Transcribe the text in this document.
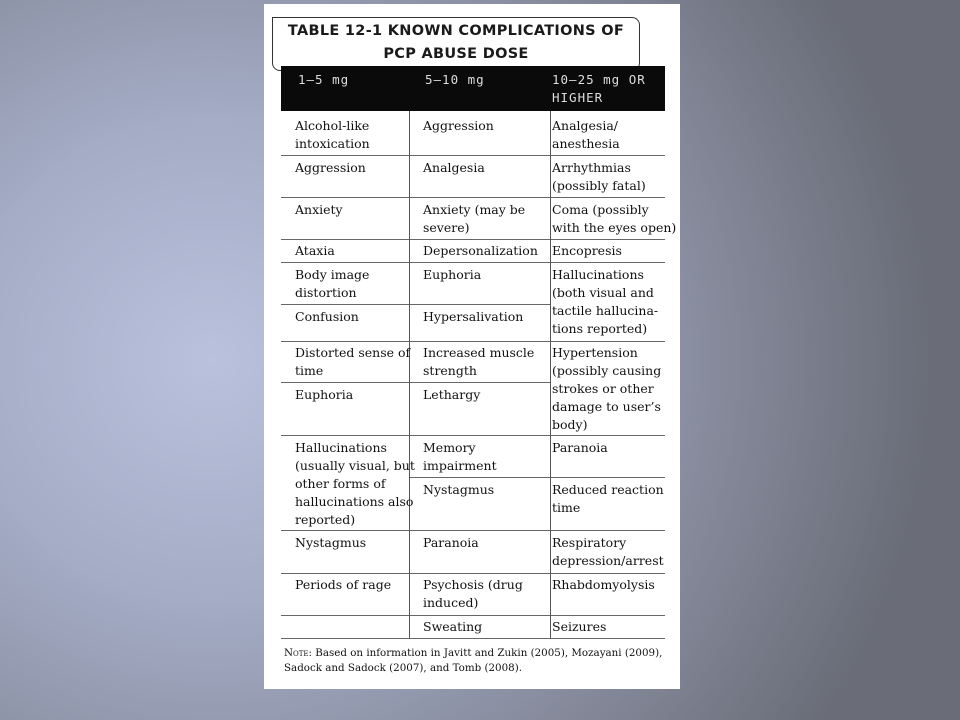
TABLE 12-1 KNOWN COMPLICATIONS OF
PCP ABUSE DOSE
1–5 mg	5–10 mg	10–25 mg OR
HIGHER
Alcohol-like
intoxication
Aggression
Anxiety
Ataxia
Body image
distortion
Confusion
Distorted sense of
time
Euphoria
Hallucinations
(usually visual, but
other forms of
hallucinations also
reported)
Nystagmus
Periods of rage
Aggression
Analgesia
Anxiety (may be
severe)
Depersonalization
Euphoria
Hypersalivation
Increased muscle
strength
Lethargy
Memory
impairment
Nystagmus
Paranoia
Psychosis (drug
induced)
Sweating
Analgesia/
anesthesia
Arrhythmias
(possibly fatal)
Coma (possibly
with the eyes open)
Encopresis
Hallucinations
(both visual and
tactile hallucina-
tions reported)
Hypertension
(possibly causing
strokes or other
damage to user’s
body)
Paranoia
Reduced reaction
time
Respiratory
depression/arrest
Rhabdomyolysis
Seizures
Note: Based on information in Javitt and Zukin (2005), Mozayani (2009), Sadock and Sadock (2007), and Tomb (2008).
